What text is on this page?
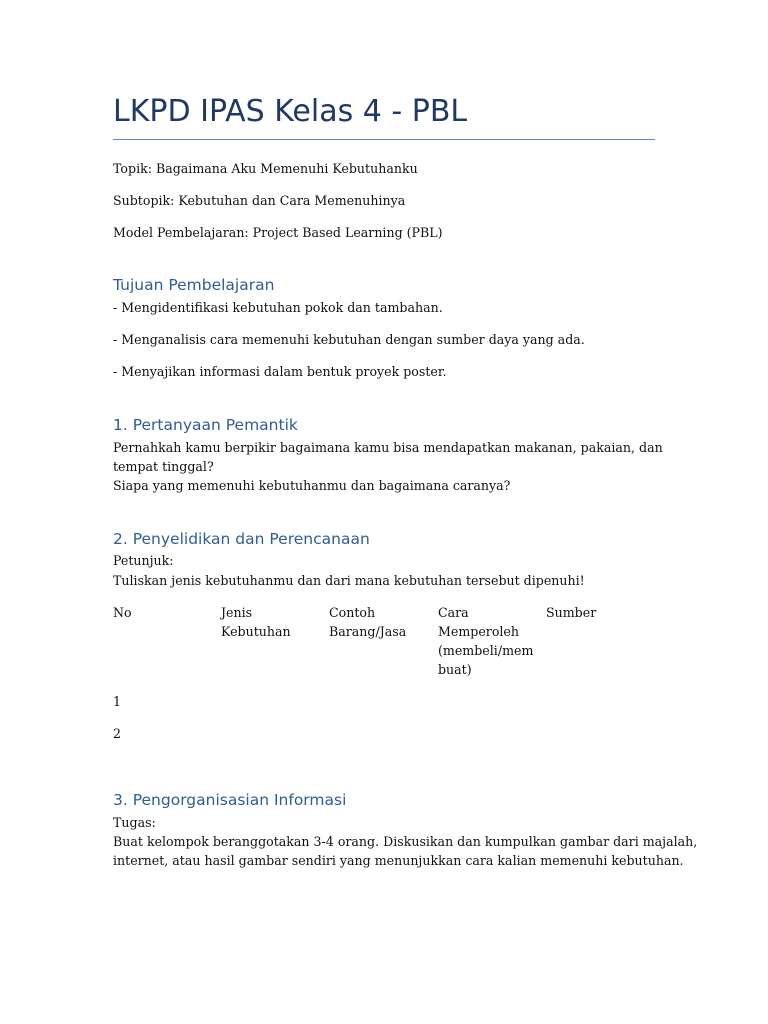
LKPD IPAS Kelas 4 - PBL
Topik: Bagaimana Aku Memenuhi Kebutuhanku
Subtopik: Kebutuhan dan Cara Memenuhinya
Model Pembelajaran: Project Based Learning (PBL)
Tujuan Pembelajaran
- Mengidentifikasi kebutuhan pokok dan tambahan.
- Menganalisis cara memenuhi kebutuhan dengan sumber daya yang ada.
- Menyajikan informasi dalam bentuk proyek poster.
1. Pertanyaan Pemantik
Pernahkah kamu berpikir bagaimana kamu bisa mendapatkan makanan, pakaian, dan
tempat tinggal?
Siapa yang memenuhi kebutuhanmu dan bagaimana caranya?
2. Penyelidikan dan Perencanaan
Petunjuk:
Tuliskan jenis kebutuhanmu dan dari mana kebutuhan tersebut dipenuhi!
No	Jenis
Kebutuhan
Contoh
Barang/Jasa
Cara
Memperoleh
(membeli/mem
buat)
Sumber
1
2
3. Pengorganisasian Informasi
Tugas:
Buat kelompok beranggotakan 3-4 orang. Diskusikan dan kumpulkan gambar dari majalah,
internet, atau hasil gambar sendiri yang menunjukkan cara kalian memenuhi kebutuhan.
